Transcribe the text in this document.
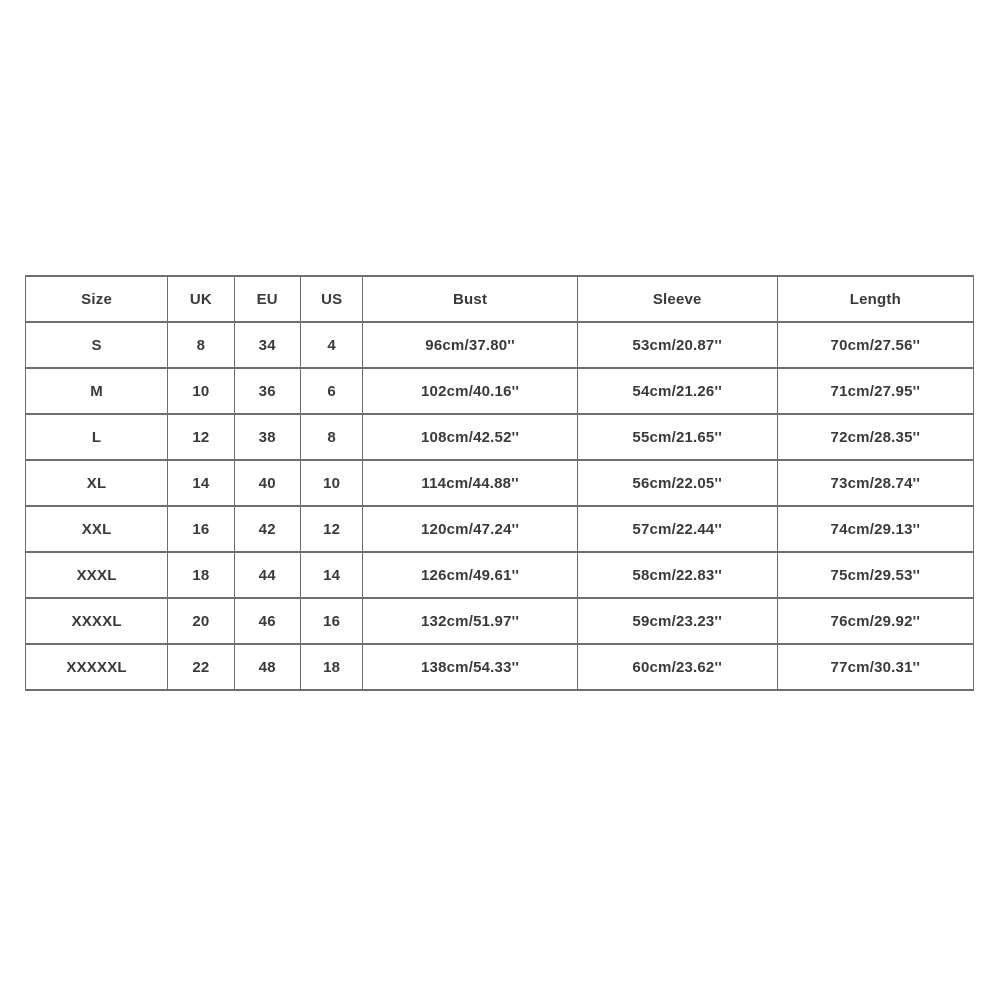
Size	UK	EU	US	Bust	Sleeve	Length
S	8	34	4	96cm/37.80''	53cm/20.87''	70cm/27.56''
M	10	36	6	102cm/40.16''	54cm/21.26''	71cm/27.95''
L	12	38	8	108cm/42.52''	55cm/21.65''	72cm/28.35''
XL	14	40	10	114cm/44.88''	56cm/22.05''	73cm/28.74''
XXL	16	42	12	120cm/47.24''	57cm/22.44''	74cm/29.13''
XXXL	18	44	14	126cm/49.61''	58cm/22.83''	75cm/29.53''
XXXXL	20	46	16	132cm/51.97''	59cm/23.23''	76cm/29.92''
XXXXXL	22	48	18	138cm/54.33''	60cm/23.62''	77cm/30.31''
